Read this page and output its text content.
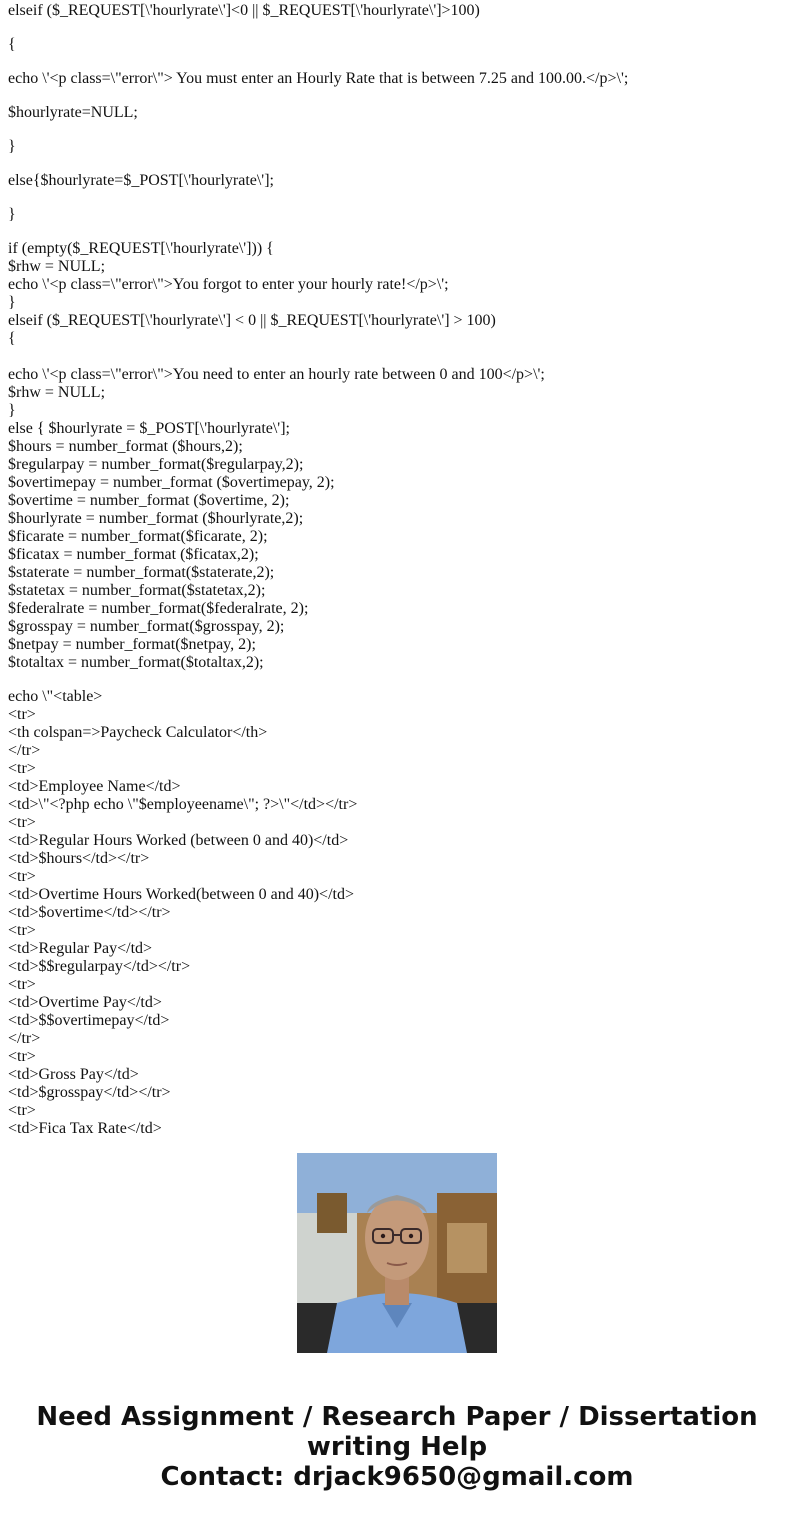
elseif ($_REQUEST[\'hourlyrate\']<0 || $_REQUEST[\'hourlyrate\']>100)
{
echo \'<p class=\"error\"> You must enter an Hourly Rate that is between 7.25 and 100.00.</p>\';
$hourlyrate=NULL;
}
else{$hourlyrate=$_POST[\'hourlyrate\'];
}
if (empty($_REQUEST[\'hourlyrate\'])) {
$rhw = NULL;
echo \'<p class=\"error\">You forgot to enter your hourly rate!</p>\';
}
elseif ($_REQUEST[\'hourlyrate\'] < 0 || $_REQUEST[\'hourlyrate\'] > 100)
{
echo \'<p class=\"error\">You need to enter an hourly rate between 0 and 100</p>\';
$rhw = NULL;
}
else { $hourlyrate = $_POST[\'hourlyrate\'];
$hours = number_format ($hours,2);
$regularpay = number_format($regularpay,2);
$overtimepay = number_format ($overtimepay, 2);
$overtime = number_format ($overtime, 2);
$hourlyrate = number_format ($hourlyrate,2);
$ficarate = number_format($ficarate, 2);
$ficatax = number_format ($ficatax,2);
$staterate = number_format($staterate,2);
$statetax = number_format($statetax,2);
$federalrate = number_format($federalrate, 2);
$grosspay = number_format($grosspay, 2);
$netpay = number_format($netpay, 2);
$totaltax = number_format($totaltax,2);
echo \"<table>
<tr>
<th colspan=>Paycheck Calculator</th>
</tr>
<tr>
<td>Employee Name</td>
<td>\"<?php echo \"$employeename\"; ?>\"</td></tr>
<tr>
<td>Regular Hours Worked (between 0 and 40)</td>
<td>$hours</td></tr>
<tr>
<td>Overtime Hours Worked(between 0 and 40)</td>
<td>$overtime</td></tr>
<tr>
<td>Regular Pay</td>
<td>$$regularpay</td></tr>
<tr>
<td>Overtime Pay</td>
<td>$$overtimepay</td>
</tr>
<tr>
<td>Gross Pay</td>
<td>$grosspay</td></tr>
<tr>
<td>Fica Tax Rate</td>
Need Assignment / Research Paper / Dissertation
writing Help
Contact: drjack9650@gmail.com
